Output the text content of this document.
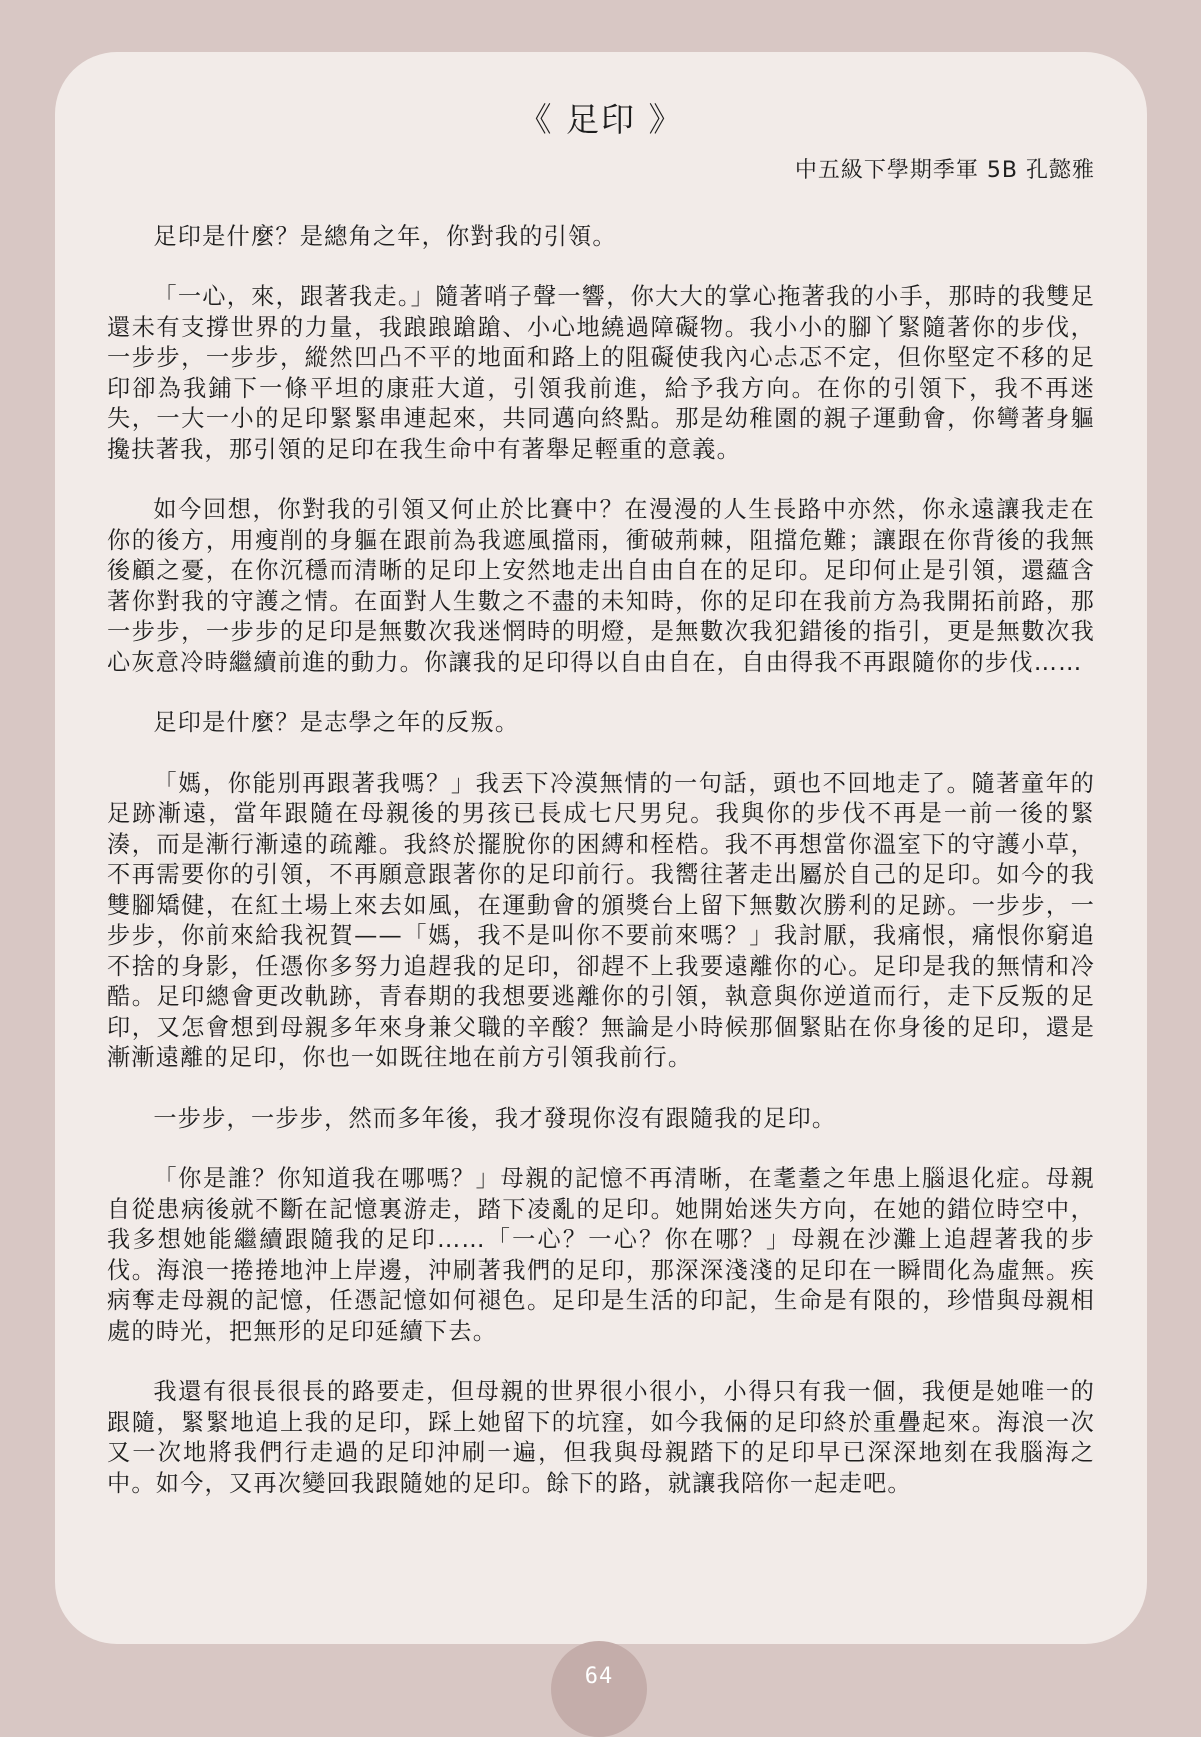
《 足印 》
中五級下學期季軍 5B 孔懿雅

足印是什麼？是總角之年，你對我的引領。

「一心，來，跟著我走。」隨著哨子聲一響，你大大的掌心拖著我的小手，那時的我雙足還未有支撐世界的力量，我踉踉蹌蹌、小心地繞過障礙物。我小小的腳丫緊隨著你的步伐，一步步，一步步，縱然凹凸不平的地面和路上的阻礙使我內心忐忑不定，但你堅定不移的足印卻為我鋪下一條平坦的康莊大道，引領我前進，給予我方向。在你的引領下，我不再迷失，一大一小的足印緊緊串連起來，共同邁向終點。那是幼稚園的親子運動會，你彎著身軀攙扶著我，那引領的足印在我生命中有著舉足輕重的意義。

如今回想，你對我的引領又何止於比賽中？在漫漫的人生長路中亦然，你永遠讓我走在你的後方，用瘦削的身軀在跟前為我遮風擋雨，衝破荊棘，阻擋危難；讓跟在你背後的我無後顧之憂，在你沉穩而清晰的足印上安然地走出自由自在的足印。足印何止是引領，還蘊含著你對我的守護之情。在面對人生數之不盡的未知時，你的足印在我前方為我開拓前路，那一步步，一步步的足印是無數次我迷惘時的明燈，是無數次我犯錯後的指引，更是無數次我心灰意冷時繼續前進的動力。你讓我的足印得以自由自在，自由得我不再跟隨你的步伐……

足印是什麼？是志學之年的反叛。

「媽，你能別再跟著我嗎？」我丟下冷漠無情的一句話，頭也不回地走了。隨著童年的足跡漸遠，當年跟隨在母親後的男孩已長成七尺男兒。我與你的步伐不再是一前一後的緊湊，而是漸行漸遠的疏離。我終於擺脫你的困縛和桎梏。我不再想當你溫室下的守護小草，不再需要你的引領，不再願意跟著你的足印前行。我嚮往著走出屬於自己的足印。如今的我雙腳矯健，在紅土場上來去如風，在運動會的頒獎台上留下無數次勝利的足跡。一步步，一步步，你前來給我祝賀——「媽，我不是叫你不要前來嗎？」我討厭，我痛恨，痛恨你窮追不捨的身影，任憑你多努力追趕我的足印，卻趕不上我要遠離你的心。足印是我的無情和冷酷。足印總會更改軌跡，青春期的我想要逃離你的引領，執意與你逆道而行，走下反叛的足印，又怎會想到母親多年來身兼父職的辛酸？無論是小時候那個緊貼在你身後的足印，還是漸漸遠離的足印，你也一如既往地在前方引領我前行。

一步步，一步步，然而多年後，我才發現你沒有跟隨我的足印。

「你是誰？你知道我在哪嗎？」母親的記憶不再清晰，在耄耋之年患上腦退化症。母親自從患病後就不斷在記憶裏游走，踏下凌亂的足印。她開始迷失方向，在她的錯位時空中，我多想她能繼續跟隨我的足印……「一心？一心？你在哪？」母親在沙灘上追趕著我的步伐。海浪一捲捲地沖上岸邊，沖刷著我們的足印，那深深淺淺的足印在一瞬間化為虛無。疾病奪走母親的記憶，任憑記憶如何褪色。足印是生活的印記，生命是有限的，珍惜與母親相處的時光，把無形的足印延續下去。

我還有很長很長的路要走，但母親的世界很小很小，小得只有我一個，我便是她唯一的跟隨，緊緊地追上我的足印，踩上她留下的坑窪，如今我倆的足印終於重疊起來。海浪一次又一次地將我們行走過的足印沖刷一遍，但我與母親踏下的足印早已深深地刻在我腦海之中。如今，又再次變回我跟隨她的足印。餘下的路，就讓我陪你一起走吧。

64
